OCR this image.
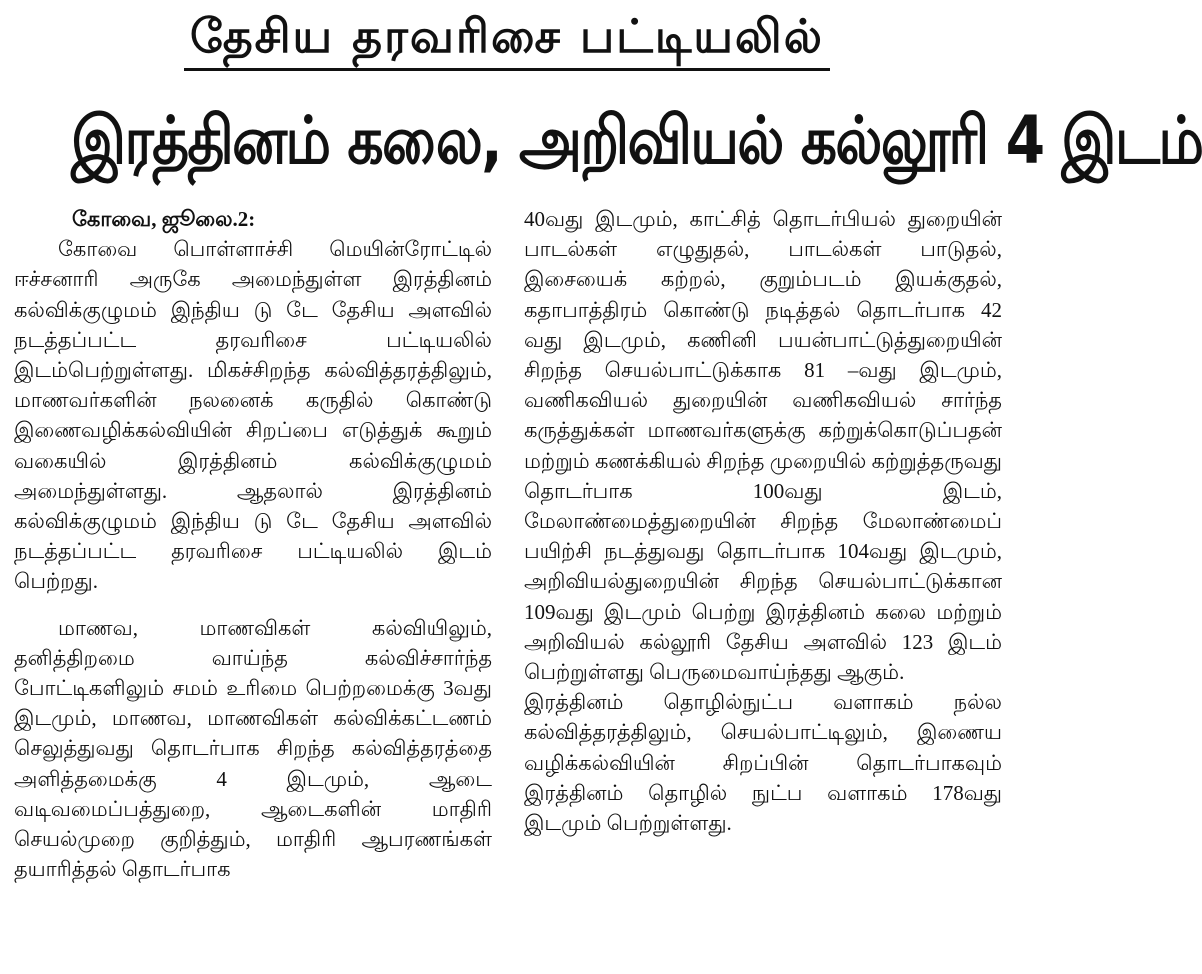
தேசிய தரவரிசை பட்டியலில்
இரத்தினம் கலை, அறிவியல் கல்லூரி 4 இடம்

கோவை, ஜூலை.2:

கோவை பொள்ளாச்சி மெயின்ரோட்டில் ஈச்சனாரி அருகே அமைந்துள்ள இரத்தினம் கல்விக்குழுமம் இந்திய டு டே தேசிய அளவில் நடத்தப்பட்ட தரவரிசை பட்டியலில் இடம்பெற்றுள்ளது. மிகச்சிறந்த கல்வித்தரத்திலும், மாணவர்களின் நலனைக் கருதில் கொண்டு இணைவழிக்கல்வியின் சிறப்பை எடுத்துக் கூறும் வகையில் இரத்தினம் கல்விக்குழுமம் அமைந்துள்ளது. ஆதலால் இரத்தினம் கல்விக்குழுமம் இந்திய டு டே தேசிய அளவில் நடத்தப்பட்ட தரவரிசை பட்டியலில் இடம் பெற்றது.

மாணவ, மாணவிகள் கல்வியிலும், தனித்திறமை வாய்ந்த கல்விச்சார்ந்த போட்டிகளிலும் சமம் உரிமை பெற்றமைக்கு 3வது இடமும், மாணவ, மாணவிகள் கல்விக்கட்டணம் செலுத்துவது தொடர்பாக சிறந்த கல்வித்தரத்தை அளித்தமைக்கு 4 இடமும், ஆடை வடிவமைப்பத்துறை, ஆடைகளின் மாதிரி செயல்முறை குறித்தும், மாதிரி ஆபரணங்கள் தயாரித்தல் தொடர்பாக

40வது இடமும், காட்சித் தொடர்பியல் துறையின் பாடல்கள் எழுதுதல், பாடல்கள் பாடுதல், இசையைக் கற்றல், குறும்படம் இயக்குதல், கதாபாத்திரம் கொண்டு நடித்தல் தொடர்பாக 42 வது இடமும், கணினி பயன்பாட்டுத்துறையின் சிறந்த செயல்பாட்டுக்காக 81 –வது இடமும், வணிகவியல் துறையின் வணிகவியல் சார்ந்த கருத்துக்கள் மாணவர்களுக்கு கற்றுக்கொடுப்பதன் மற்றும் கணக்கியல் சிறந்த முறையில் கற்றுத்தருவது தொடர்பாக 100வது இடம், மேலாண்மைத்துறையின் சிறந்த மேலாண்மைப் பயிற்சி நடத்துவது தொடர்பாக 104வது இடமும், அறிவியல்துறையின் சிறந்த செயல்பாட்டுக்கான 109வது இடமும் பெற்று இரத்தினம் கலை மற்றும் அறிவியல் கல்லூரி தேசிய அளவில் 123 இடம் பெற்றுள்ளது பெருமைவாய்ந்தது ஆகும்.

இரத்தினம் தொழில்நுட்ப வளாகம் நல்ல கல்வித்தரத்திலும், செயல்பாட்டிலும், இணைய வழிக்கல்வியின் சிறப்பின் தொடர்பாகவும் இரத்தினம் தொழில் நுட்ப வளாகம் 178வது இடமும் பெற்றுள்ளது.
